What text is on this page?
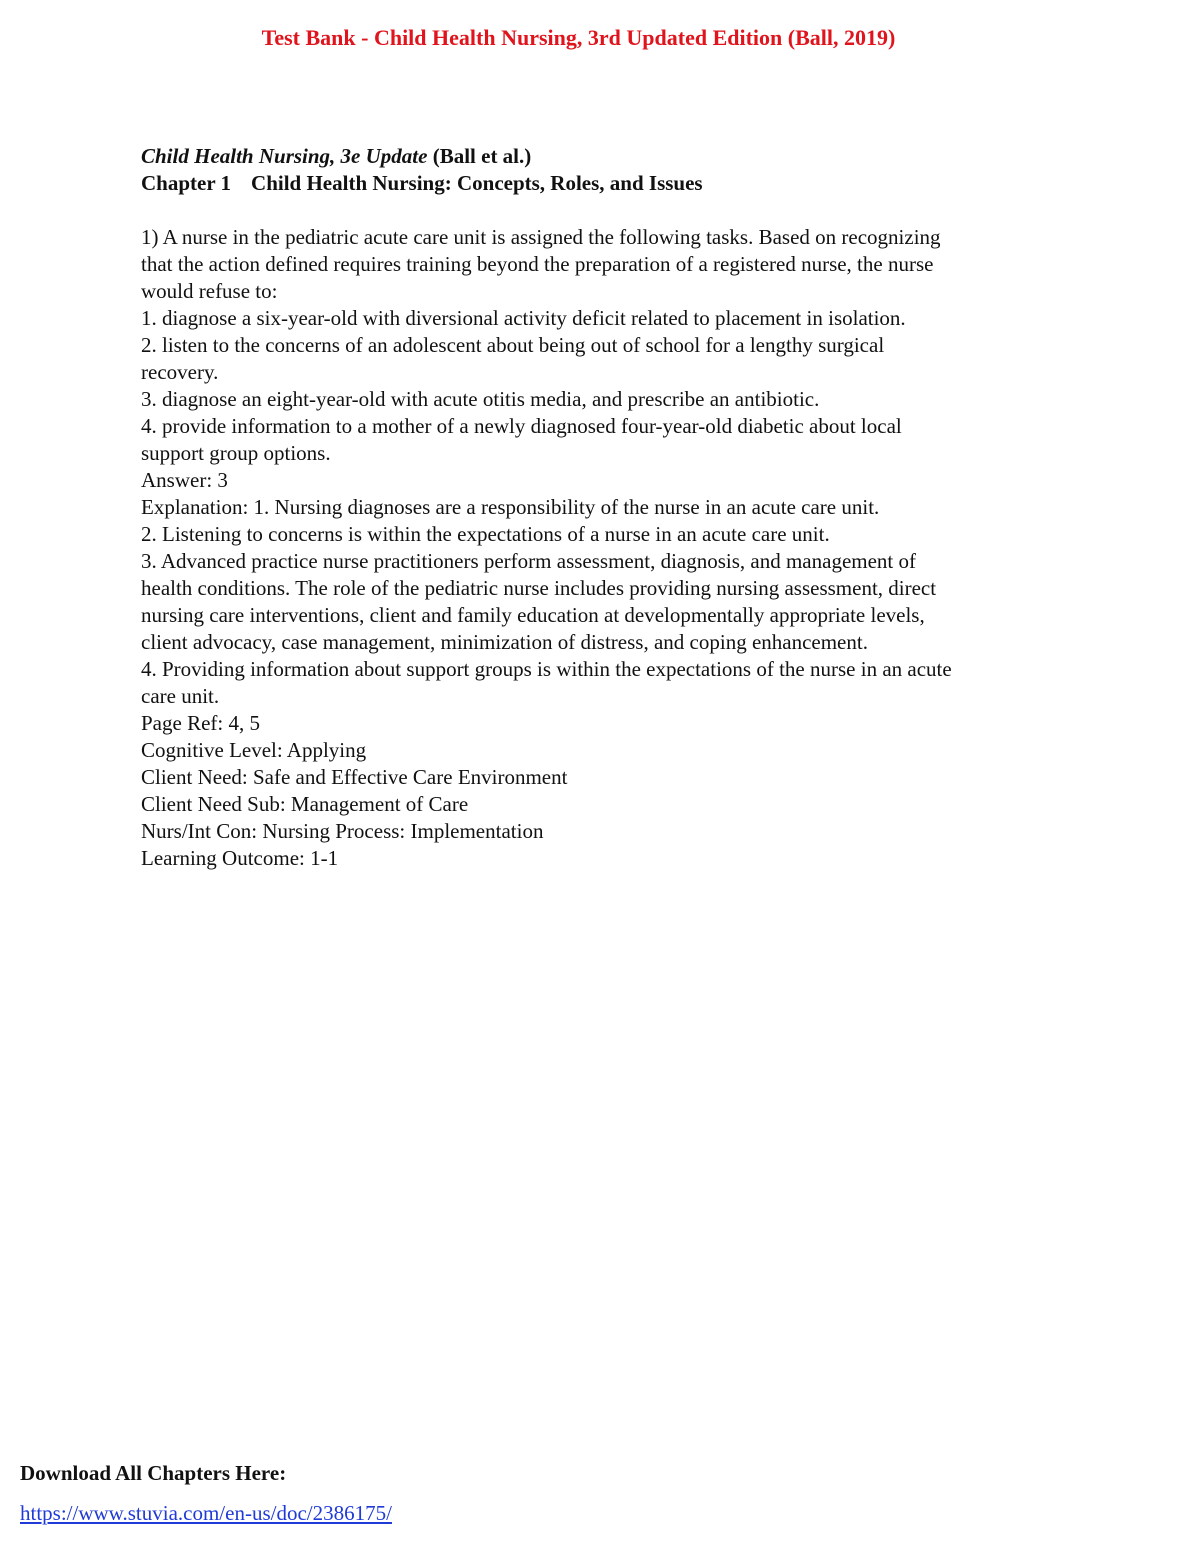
Test Bank - Child Health Nursing, 3rd Updated Edition (Ball, 2019)
Child Health Nursing, 3e Update (Ball et al.)
Chapter 1 Child Health Nursing: Concepts, Roles, and Issues
1) A nurse in the pediatric acute care unit is assigned the following tasks. Based on recognizing
that the action defined requires training beyond the preparation of a registered nurse, the nurse
would refuse to:
1. diagnose a six-year-old with diversional activity deficit related to placement in isolation.
2. listen to the concerns of an adolescent about being out of school for a lengthy surgical
recovery.
3. diagnose an eight-year-old with acute otitis media, and prescribe an antibiotic.
4. provide information to a mother of a newly diagnosed four-year-old diabetic about local
support group options.
Answer: 3
Explanation: 1. Nursing diagnoses are a responsibility of the nurse in an acute care unit.
2. Listening to concerns is within the expectations of a nurse in an acute care unit.
3. Advanced practice nurse practitioners perform assessment, diagnosis, and management of
health conditions. The role of the pediatric nurse includes providing nursing assessment, direct
nursing care interventions, client and family education at developmentally appropriate levels,
client advocacy, case management, minimization of distress, and coping enhancement.
4. Providing information about support groups is within the expectations of the nurse in an acute
care unit.
Page Ref: 4, 5
Cognitive Level: Applying
Client Need: Safe and Effective Care Environment
Client Need Sub: Management of Care
Nurs/Int Con: Nursing Process: Implementation
Learning Outcome: 1-1
Download All Chapters Here:
https://www.stuvia.com/en-us/doc/2386175/
